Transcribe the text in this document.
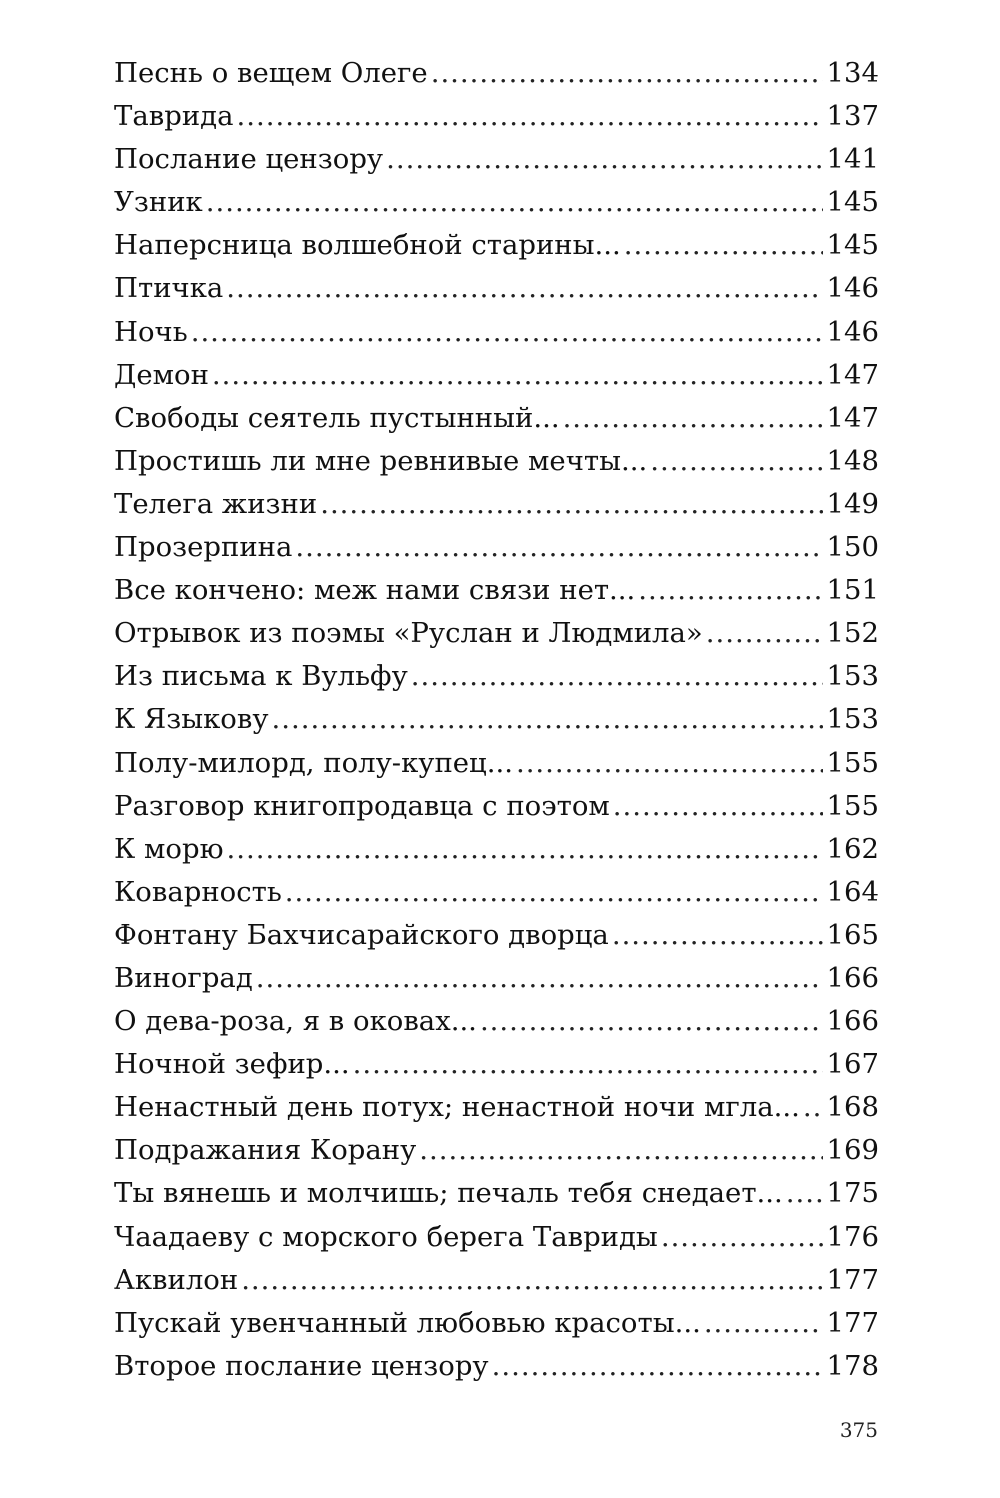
Песнь о вещем Олеге .....	134
Таврида .....	137
Послание цензору .....	141
Узник .....	145
Наперсница волшебной старины... .....	145
Птичка .....	146
Ночь .....	146
Демон .....	147
Свободы сеятель пустынный... .....	147
Простишь ли мне ревнивые мечты... .....	148
Телега жизни .....	149
Прозерпина .....	150
Все кончено: меж нами связи нет... .....	151
Отрывок из поэмы «Руслан и Людмила» .....	152
Из письма к Вульфу .....	153
К Языкову .....	153
Полу-милорд, полу-купец... .....	155
Разговор книгопродавца с поэтом .....	155
К морю .....	162
Коварность .....	164
Фонтану Бахчисарайского дворца .....	165
Виноград .....	166
О дева-роза, я в оковах... .....	166
Ночной зефир... .....	167
Ненастный день потух; ненастной ночи мгла... ..... 168
Подражания Корану .....	169
Ты вянешь и молчишь; печаль тебя снедает... ..... 175
Чаадаеву с морского берега Тавриды .....	176
Аквилон .....	177
Пускай увенчанный любовью красоты... .....	177
Второе послание цензору .....	178
375
